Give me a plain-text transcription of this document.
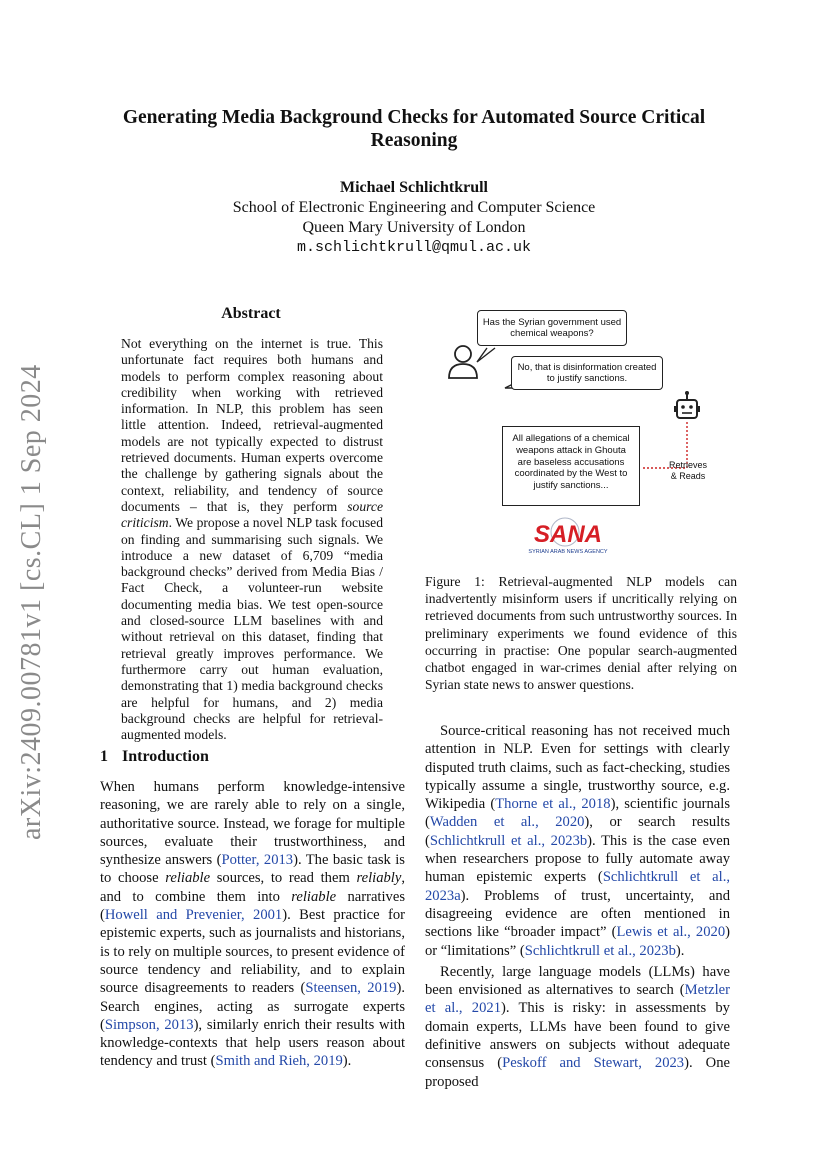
arXiv:2409.00781v1 [cs.CL] 1 Sep 2024
Generating Media Background Checks for Automated Source Critical
Reasoning
Michael Schlichtkrull
School of Electronic Engineering and Computer Science
Queen Mary University of London
m.schlichtkrull@qmul.ac.uk
Abstract

Not everything on the internet is true. This unfortunate fact requires both humans and models to perform complex reasoning about credibility when working with retrieved information. In NLP, this problem has seen little attention. Indeed, retrieval-augmented models are not typically expected to distrust retrieved documents. Human experts overcome the challenge by gathering signals about the context, reliability, and tendency of source documents – that is, they perform source criticism. We propose a novel NLP task focused on finding and summarising such signals. We introduce a new dataset of 6,709 “media background checks” derived from Media Bias / Fact Check, a volunteer-run website documenting media bias. We test open-source and closed-source LLM baselines with and without retrieval on this dataset, finding that retrieval greatly improves performance. We furthermore carry out human evaluation, demonstrating that 1) media background checks are helpful for humans, and 2) media background checks are helpful for retrieval-augmented models.

1 Introduction

When humans perform knowledge-intensive reasoning, we are rarely able to rely on a single, authoritative source. Instead, we forage for multiple sources, evaluate their trustworthiness, and synthesize answers (Potter, 2013). The basic task is to choose reliable sources, to read them reliably, and to combine them into reliable narratives (Howell and Prevenier, 2001). Best practice for epistemic experts, such as journalists and historians, is to rely on multiple sources, to present evidence of source tendency and reliability, and to explain source disagreements to readers (Steensen, 2019). Search engines, acting as surrogate experts (Simpson, 2013), similarly enrich their results with knowledge-contexts that help users reason about tendency and trust (Smith and Rieh, 2019).

SANA
SYRIAN ARAB NEWS AGENCY
Has the Syrian government used chemical weapons?
No, that is disinformation created to justify sanctions.
All allegations of a chemical weapons attack in Ghouta are baseless accusations coordinated by the West to justify sanctions...
Retrieves & Reads
Figure 1: Retrieval-augmented NLP models can inadvertently misinform users if uncritically relying on retrieved documents from such untrustworthy sources. In preliminary experiments we found evidence of this occurring in practise: One popular search-augmented chatbot engaged in war-crimes denial after relying on Syrian state news to answer questions.

Source-critical reasoning has not received much attention in NLP. Even for settings with clearly disputed truth claims, such as fact-checking, studies typically assume a single, trustworthy source, e.g. Wikipedia (Thorne et al., 2018), scientific journals (Wadden et al., 2020), or search results (Schlichtkrull et al., 2023b). This is the case even when researchers propose to fully automate away human epistemic experts (Schlichtkrull et al., 2023a). Problems of trust, uncertainty, and disagreeing evidence are often mentioned in sections like “broader impact” (Lewis et al., 2020) or “limitations” (Schlichtkrull et al., 2023b).

Recently, large language models (LLMs) have been envisioned as alternatives to search (Metzler et al., 2021). This is risky: in assessments by domain experts, LLMs have been found to give definitive answers on subjects without adequate consensus (Peskoff and Stewart, 2023). One proposed
